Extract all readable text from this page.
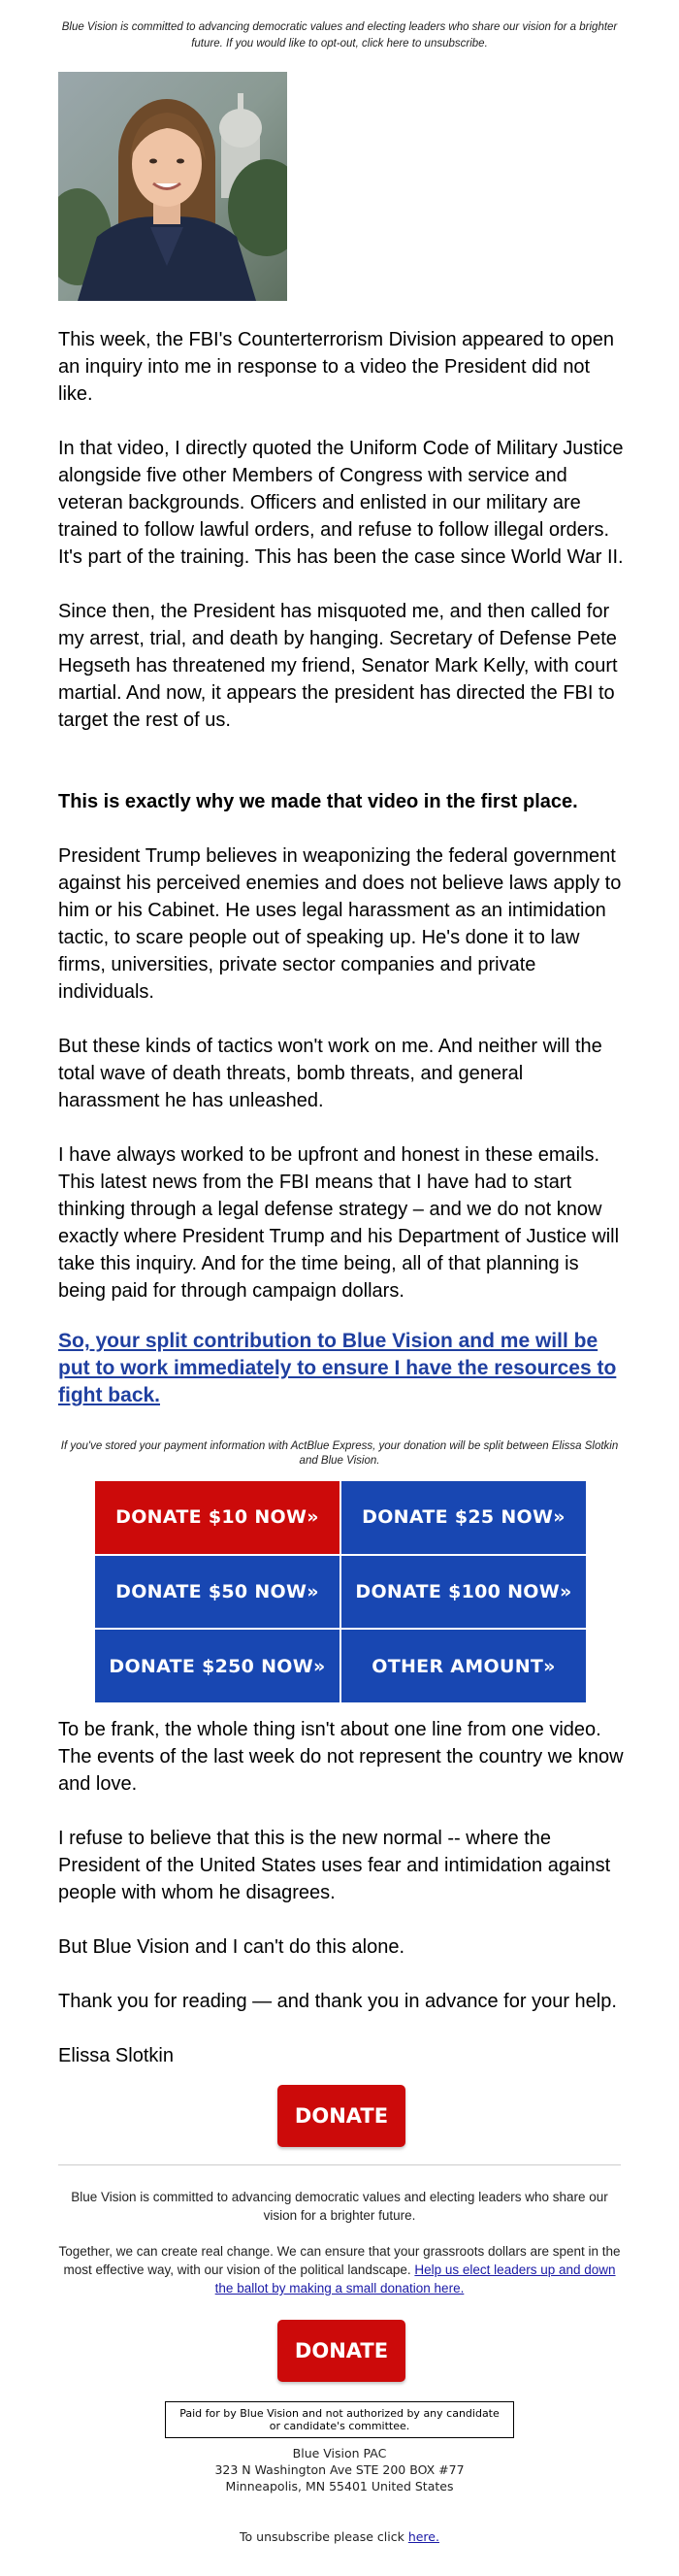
Blue Vision is committed to advancing democratic values and electing leaders who share our vision for a brighter future. If you would like to opt-out, click here to unsubscribe.
This week, the FBI's Counterterrorism Division appeared to open an inquiry into me in response to a video the President did not like.
In that video, I directly quoted the Uniform Code of Military Justice alongside five other Members of Congress with service and veteran backgrounds. Officers and enlisted in our military are trained to follow lawful orders, and refuse to follow illegal orders. It's part of the training. This has been the case since World War II.
Since then, the President has misquoted me, and then called for my arrest, trial, and death by hanging. Secretary of Defense Pete Hegseth has threatened my friend, Senator Mark Kelly, with court martial. And now, it appears the president has directed the FBI to target the rest of us.
This is exactly why we made that video in the first place.
President Trump believes in weaponizing the federal government against his perceived enemies and does not believe laws apply to him or his Cabinet. He uses legal harassment as an intimidation tactic, to scare people out of speaking up. He's done it to law firms, universities, private sector companies and private individuals.
But these kinds of tactics won't work on me. And neither will the total wave of death threats, bomb threats, and general harassment he has unleashed.
I have always worked to be upfront and honest in these emails. This latest news from the FBI means that I have had to start thinking through a legal defense strategy – and we do not know exactly where President Trump and his Department of Justice will take this inquiry. And for the time being, all of that planning is being paid for through campaign dollars.
So, your split contribution to Blue Vision and me will be put to work immediately to ensure I have the resources to fight back.
If you've stored your payment information with ActBlue Express, your donation will be split between Elissa Slotkin and Blue Vision.
DONATE $10 NOW»	DONATE $25 NOW»
DONATE $50 NOW»	DONATE $100 NOW»
DONATE $250 NOW»	OTHER AMOUNT»
To be frank, the whole thing isn't about one line from one video. The events of the last week do not represent the country we know and love.
I refuse to believe that this is the new normal -- where the President of the United States uses fear and intimidation against people with whom he disagrees.
But Blue Vision and I can't do this alone.
Thank you for reading — and thank you in advance for your help.
Elissa Slotkin
DONATE
Blue Vision is committed to advancing democratic values and electing leaders who share our vision for a brighter future.
Together, we can create real change. We can ensure that your grassroots dollars are spent in the most effective way, with our vision of the political landscape. Help us elect leaders up and down the ballot by making a small donation here.
DONATE
Paid for by Blue Vision and not authorized by any candidate or candidate's committee.
Blue Vision PAC
323 N Washington Ave STE 200 BOX #77
Minneapolis, MN 55401 United States
To unsubscribe please click here.
